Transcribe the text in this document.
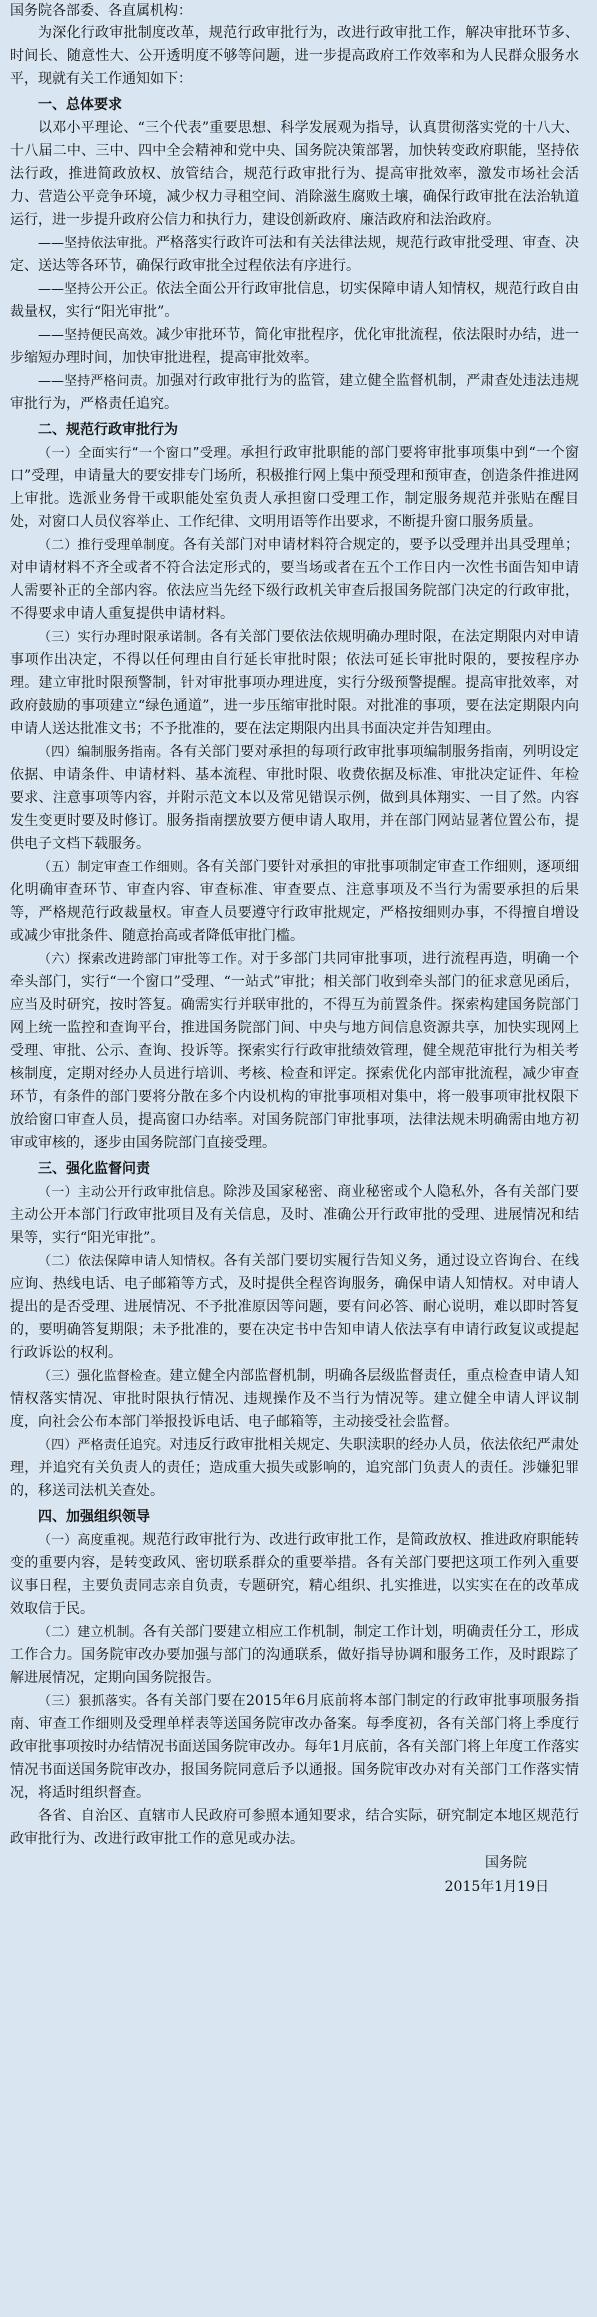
国务院各部委、各直属机构：

为深化行政审批制度改革，规范行政审批行为，改进行政审批工作，解决审批环节多、时间长、随意性大、公开透明度不够等问题，进一步提高政府工作效率和为人民群众服务水平，现就有关工作通知如下：

一、总体要求

以邓小平理论、“三个代表”重要思想、科学发展观为指导，认真贯彻落实党的十八大、十八届二中、三中、四中全会精神和党中央、国务院决策部署，加快转变政府职能，坚持依法行政，推进简政放权、放管结合，规范行政审批行为、提高审批效率，激发市场社会活力、营造公平竞争环境，减少权力寻租空间、消除滋生腐败土壤，确保行政审批在法治轨道运行，进一步提升政府公信力和执行力，建设创新政府、廉洁政府和法治政府。

——坚持依法审批。严格落实行政许可法和有关法律法规，规范行政审批受理、审查、决定、送达等各环节，确保行政审批全过程依法有序进行。

——坚持公开公正。依法全面公开行政审批信息，切实保障申请人知情权，规范行政自由裁量权，实行“阳光审批”。

——坚持便民高效。减少审批环节，简化审批程序，优化审批流程，依法限时办结，进一步缩短办理时间，加快审批进程，提高审批效率。

——坚持严格问责。加强对行政审批行为的监管，建立健全监督机制，严肃查处违法违规审批行为，严格责任追究。

二、规范行政审批行为

（一）全面实行“一个窗口”受理。承担行政审批职能的部门要将审批事项集中到“一个窗口”受理，申请量大的要安排专门场所，积极推行网上集中预受理和预审查，创造条件推进网上审批。选派业务骨干或职能处室负责人承担窗口受理工作，制定服务规范并张贴在醒目处，对窗口人员仪容举止、工作纪律、文明用语等作出要求，不断提升窗口服务质量。

（二）推行受理单制度。各有关部门对申请材料符合规定的，要予以受理并出具受理单；对申请材料不齐全或者不符合法定形式的，要当场或者在五个工作日内一次性书面告知申请人需要补正的全部内容。依法应当先经下级行政机关审查后报国务院部门决定的行政审批，不得要求申请人重复提供申请材料。

（三）实行办理时限承诺制。各有关部门要依法依规明确办理时限，在法定期限内对申请事项作出决定，不得以任何理由自行延长审批时限；依法可延长审批时限的，要按程序办理。建立审批时限预警制，针对审批事项办理进度，实行分级预警提醒。提高审批效率，对政府鼓励的事项建立“绿色通道”，进一步压缩审批时限。对批准的事项，要在法定期限内向申请人送达批准文书；不予批准的，要在法定期限内出具书面决定并告知理由。

（四）编制服务指南。各有关部门要对承担的每项行政审批事项编制服务指南，列明设定依据、申请条件、申请材料、基本流程、审批时限、收费依据及标准、审批决定证件、年检要求、注意事项等内容，并附示范文本以及常见错误示例，做到具体翔实、一目了然。内容发生变更时要及时修订。服务指南摆放要方便申请人取用，并在部门网站显著位置公布，提供电子文档下载服务。

（五）制定审查工作细则。各有关部门要针对承担的审批事项制定审查工作细则，逐项细化明确审查环节、审查内容、审查标准、审查要点、注意事项及不当行为需要承担的后果等，严格规范行政裁量权。审查人员要遵守行政审批规定，严格按细则办事，不得擅自增设或减少审批条件、随意抬高或者降低审批门槛。

（六）探索改进跨部门审批等工作。对于多部门共同审批事项，进行流程再造，明确一个牵头部门，实行“一个窗口”受理、“一站式”审批；相关部门收到牵头部门的征求意见函后，应当及时研究，按时答复。确需实行并联审批的，不得互为前置条件。探索构建国务院部门网上统一监控和查询平台，推进国务院部门间、中央与地方间信息资源共享，加快实现网上受理、审批、公示、查询、投诉等。探索实行行政审批绩效管理，健全规范审批行为相关考核制度，定期对经办人员进行培训、考核、检查和评定。探索优化内部审批流程，减少审查环节，有条件的部门要将分散在多个内设机构的审批事项相对集中，将一般事项审批权限下放给窗口审查人员，提高窗口办结率。对国务院部门审批事项，法律法规未明确需由地方初审或审核的，逐步由国务院部门直接受理。

三、强化监督问责

（一）主动公开行政审批信息。除涉及国家秘密、商业秘密或个人隐私外，各有关部门要主动公开本部门行政审批项目及有关信息，及时、准确公开行政审批的受理、进展情况和结果等，实行“阳光审批”。

（二）依法保障申请人知情权。各有关部门要切实履行告知义务，通过设立咨询台、在线应询、热线电话、电子邮箱等方式，及时提供全程咨询服务，确保申请人知情权。对申请人提出的是否受理、进展情况、不予批准原因等问题，要有问必答、耐心说明，难以即时答复的，要明确答复期限；未予批准的，要在决定书中告知申请人依法享有申请行政复议或提起行政诉讼的权利。

（三）强化监督检查。建立健全内部监督机制，明确各层级监督责任，重点检查申请人知情权落实情况、审批时限执行情况、违规操作及不当行为情况等。建立健全申请人评议制度，向社会公布本部门举报投诉电话、电子邮箱等，主动接受社会监督。

（四）严格责任追究。对违反行政审批相关规定、失职渎职的经办人员，依法依纪严肃处理，并追究有关负责人的责任；造成重大损失或影响的，追究部门负责人的责任。涉嫌犯罪的，移送司法机关查处。

四、加强组织领导

（一）高度重视。规范行政审批行为、改进行政审批工作，是简政放权、推进政府职能转变的重要内容，是转变政风、密切联系群众的重要举措。各有关部门要把这项工作列入重要议事日程，主要负责同志亲自负责，专题研究，精心组织、扎实推进，以实实在在的改革成效取信于民。

（二）建立机制。各有关部门要建立相应工作机制，制定工作计划，明确责任分工，形成工作合力。国务院审改办要加强与部门的沟通联系，做好指导协调和服务工作，及时跟踪了解进展情况，定期向国务院报告。

（三）狠抓落实。各有关部门要在2015年6月底前将本部门制定的行政审批事项服务指南、审查工作细则及受理单样表等送国务院审改办备案。每季度初，各有关部门将上季度行政审批事项按时办结情况书面送国务院审改办。每年1月底前，各有关部门将上年度工作落实情况书面送国务院审改办，报国务院同意后予以通报。国务院审改办对有关部门工作落实情况，将适时组织督查。

各省、自治区、直辖市人民政府可参照本通知要求，结合实际，研究制定本地区规范行政审批行为、改进行政审批工作的意见或办法。

国务院

2015年1月19日
